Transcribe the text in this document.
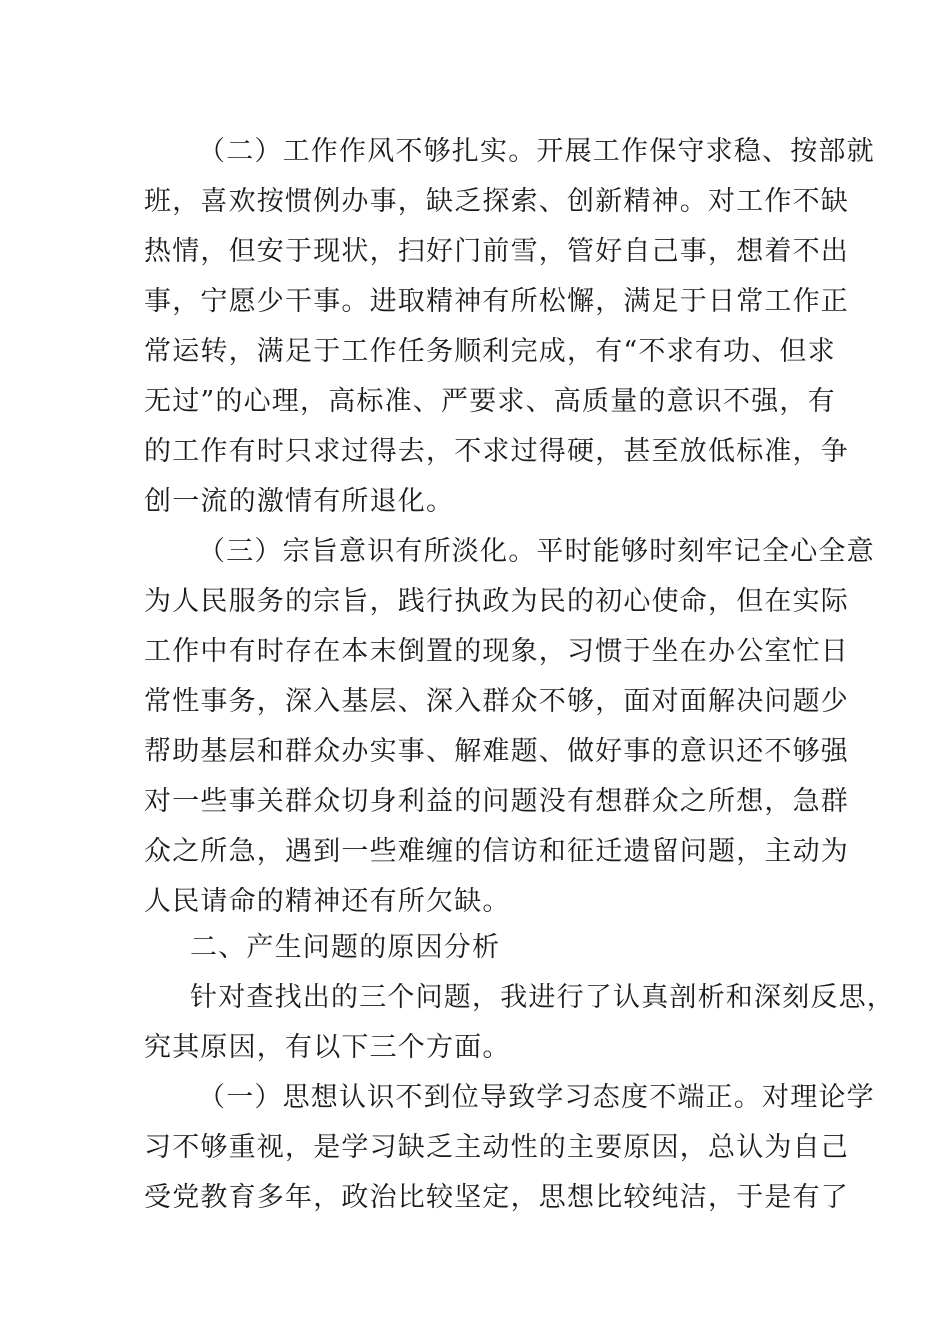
（二）工作作风不够扎实。开展工作保守求稳、按部就
班，喜欢按惯例办事，缺乏探索、创新精神。对工作不缺
热情，但安于现状，扫好门前雪，管好自己事，想着不出
事，宁愿少干事。进取精神有所松懈，满足于日常工作正
常运转，满足于工作任务顺利完成，有“不求有功、但求
无过”的心理，高标准、严要求、高质量的意识不强，有
的工作有时只求过得去，不求过得硬，甚至放低标准，争
创一流的激情有所退化。
（三）宗旨意识有所淡化。平时能够时刻牢记全心全意
为人民服务的宗旨，践行执政为民的初心使命，但在实际
工作中有时存在本末倒置的现象，习惯于坐在办公室忙日
常性事务，深入基层、深入群众不够，面对面解决问题少
帮助基层和群众办实事、解难题、做好事的意识还不够强
对一些事关群众切身利益的问题没有想群众之所想，急群
众之所急，遇到一些难缠的信访和征迁遗留问题，主动为
人民请命的精神还有所欠缺。
二、产生问题的原因分析
针对查找出的三个问题，我进行了认真剖析和深刻反思，
究其原因，有以下三个方面。
（一）思想认识不到位导致学习态度不端正。对理论学
习不够重视，是学习缺乏主动性的主要原因，总认为自己
受党教育多年，政治比较坚定，思想比较纯洁，于是有了
